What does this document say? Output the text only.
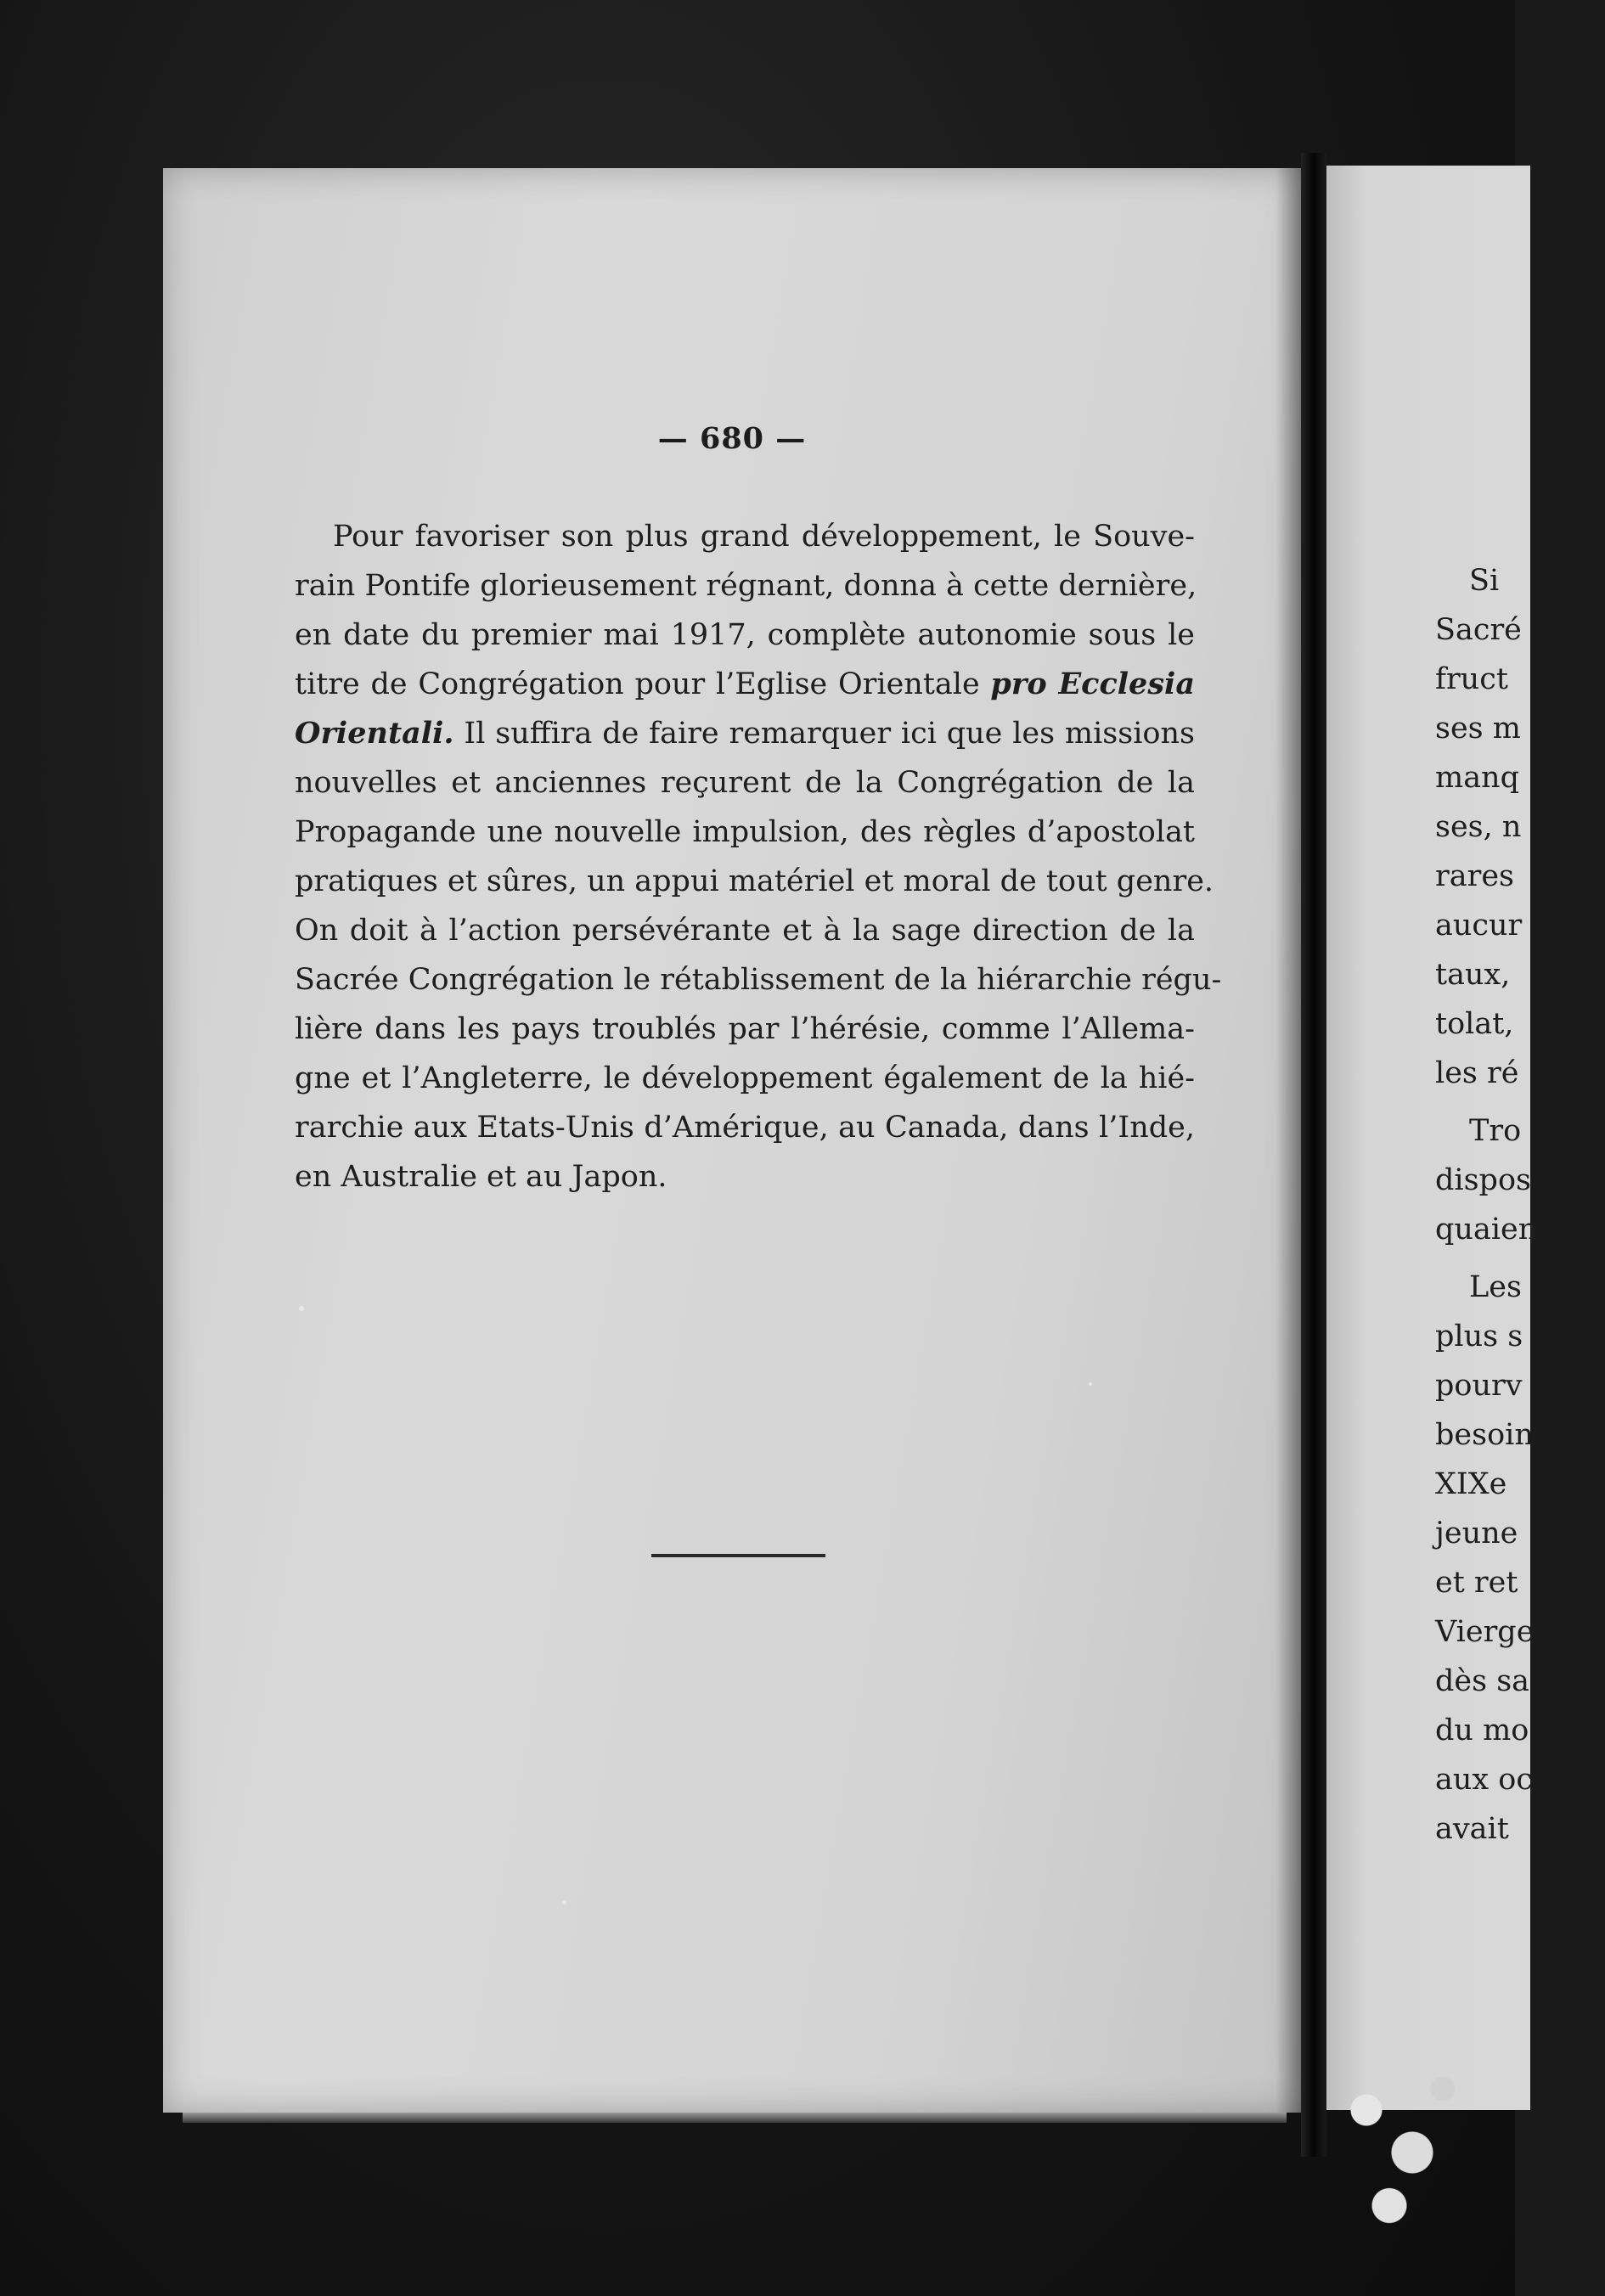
— 680 —
Pour favoriser son plus grand développement, le Souve-
rain Pontife glorieusement régnant, donna à cette dernière,
en date du premier mai 1917, complète autonomie sous le
titre de Congrégation pour l’Eglise Orientale pro Ecclesia
Orientali. Il suffira de faire remarquer ici que les missions
nouvelles et anciennes reçurent de la Congrégation de la
Propagande une nouvelle impulsion, des règles d’apostolat
pratiques et sûres, un appui matériel et moral de tout genre.
On doit à l’action persévérante et à la sage direction de la
Sacrée Congrégation le rétablissement de la hiérarchie régu-
lière dans les pays troublés par l’hérésie, comme l’Allema-
gne et l’Angleterre, le développement également de la hié-
rarchie aux Etats-Unis d’Amérique, au Canada, dans l’Inde,
en Australie et au Japon.
Si
Sacré
fruct
ses m
manq
ses, n
rares
aucur
taux,
tolat,
les ré
Tro
dispos
quaien
Les
plus s
pourv
besoin
XIXe
jeune
et ret
Vierge
dès sa
du mo
aux oc
avait
